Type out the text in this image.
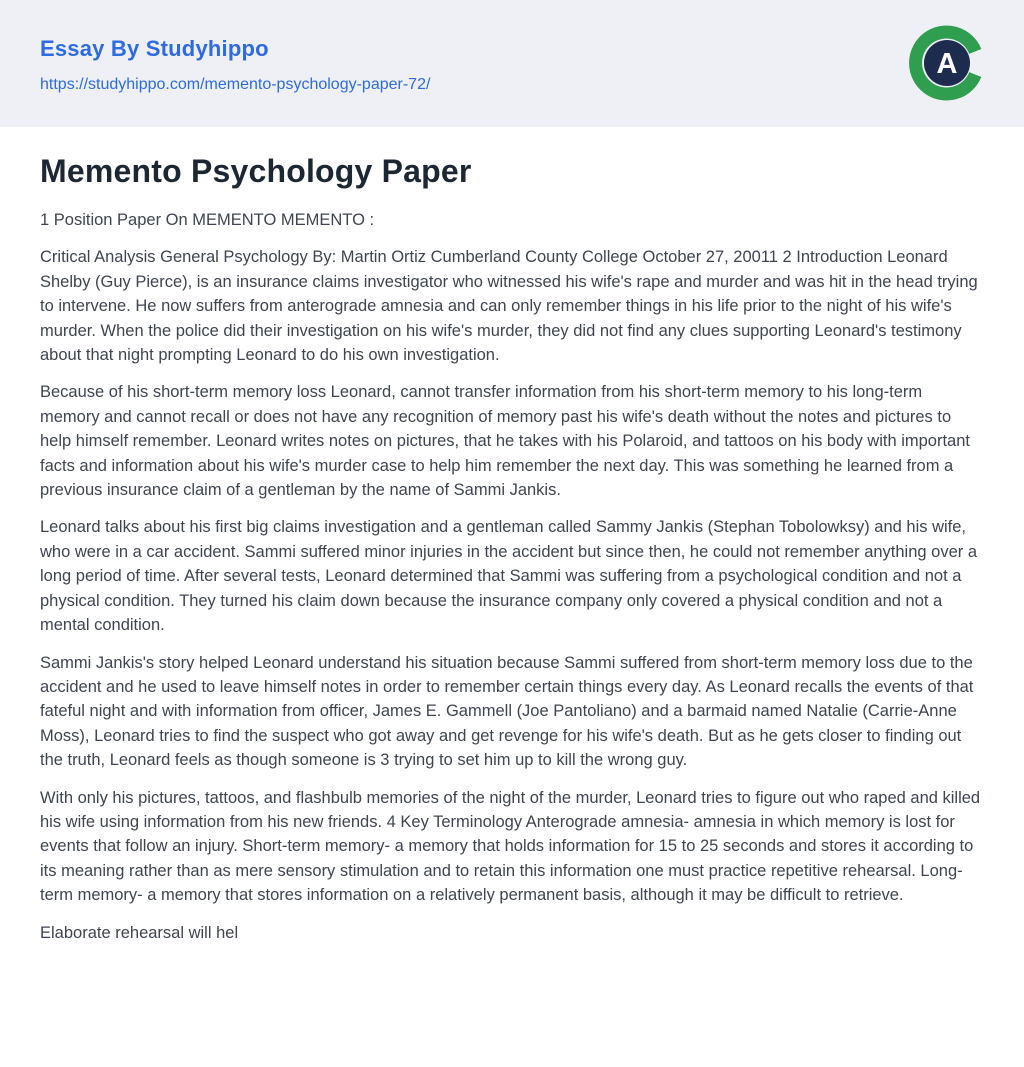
Essay By Studyhippo
https://studyhippo.com/memento-psychology-paper-72/
A
Memento Psychology Paper

1 Position Paper On MEMENTO MEMENTO :

Critical Analysis General Psychology By: Martin Ortiz Cumberland County College October 27, 20011 2 Introduction Leonard Shelby (Guy Pierce), is an insurance claims investigator who witnessed his wife's rape and murder and was hit in the head trying to intervene. He now suffers from anterograde amnesia and can only remember things in his life prior to the night of his wife's murder. When the police did their investigation on his wife's murder, they did not find any clues supporting Leonard's testimony about that night prompting Leonard to do his own investigation.

Because of his short-term memory loss Leonard, cannot transfer information from his short-term memory to his long-term memory and cannot recall or does not have any recognition of memory past his wife's death without the notes and pictures to help himself remember. Leonard writes notes on pictures, that he takes with his Polaroid, and tattoos on his body with important facts and information about his wife's murder case to help him remember the next day. This was something he learned from a previous insurance claim of a gentleman by the name of Sammi Jankis.

Leonard talks about his first big claims investigation and a gentleman called Sammy Jankis (Stephan Tobolowksy) and his wife, who were in a car accident. Sammi suffered minor injuries in the accident but since then, he could not remember anything over a long period of time. After several tests, Leonard determined that Sammi was suffering from a psychological condition and not a physical condition. They turned his claim down because the insurance company only covered a physical condition and not a mental condition.

Sammi Jankis's story helped Leonard understand his situation because Sammi suffered from short-term memory loss due to the accident and he used to leave himself notes in order to remember certain things every day. As Leonard recalls the events of that fateful night and with information from officer, James E. Gammell (Joe Pantoliano) and a barmaid named Natalie (Carrie-Anne Moss), Leonard tries to find the suspect who got away and get revenge for his wife's death. But as he gets closer to finding out the truth, Leonard feels as though someone is 3 trying to set him up to kill the wrong guy.

With only his pictures, tattoos, and flashbulb memories of the night of the murder, Leonard tries to figure out who raped and killed his wife using information from his new friends. 4 Key Terminology Anterograde amnesia- amnesia in which memory is lost for events that follow an injury. Short-term memory- a memory that holds information for 15 to 25 seconds and stores it according to its meaning rather than as mere sensory stimulation and to retain this information one must practice repetitive rehearsal. Long-term memory- a memory that stores information on a relatively permanent basis, although it may be difficult to retrieve.

Elaborate rehearsal will hel
